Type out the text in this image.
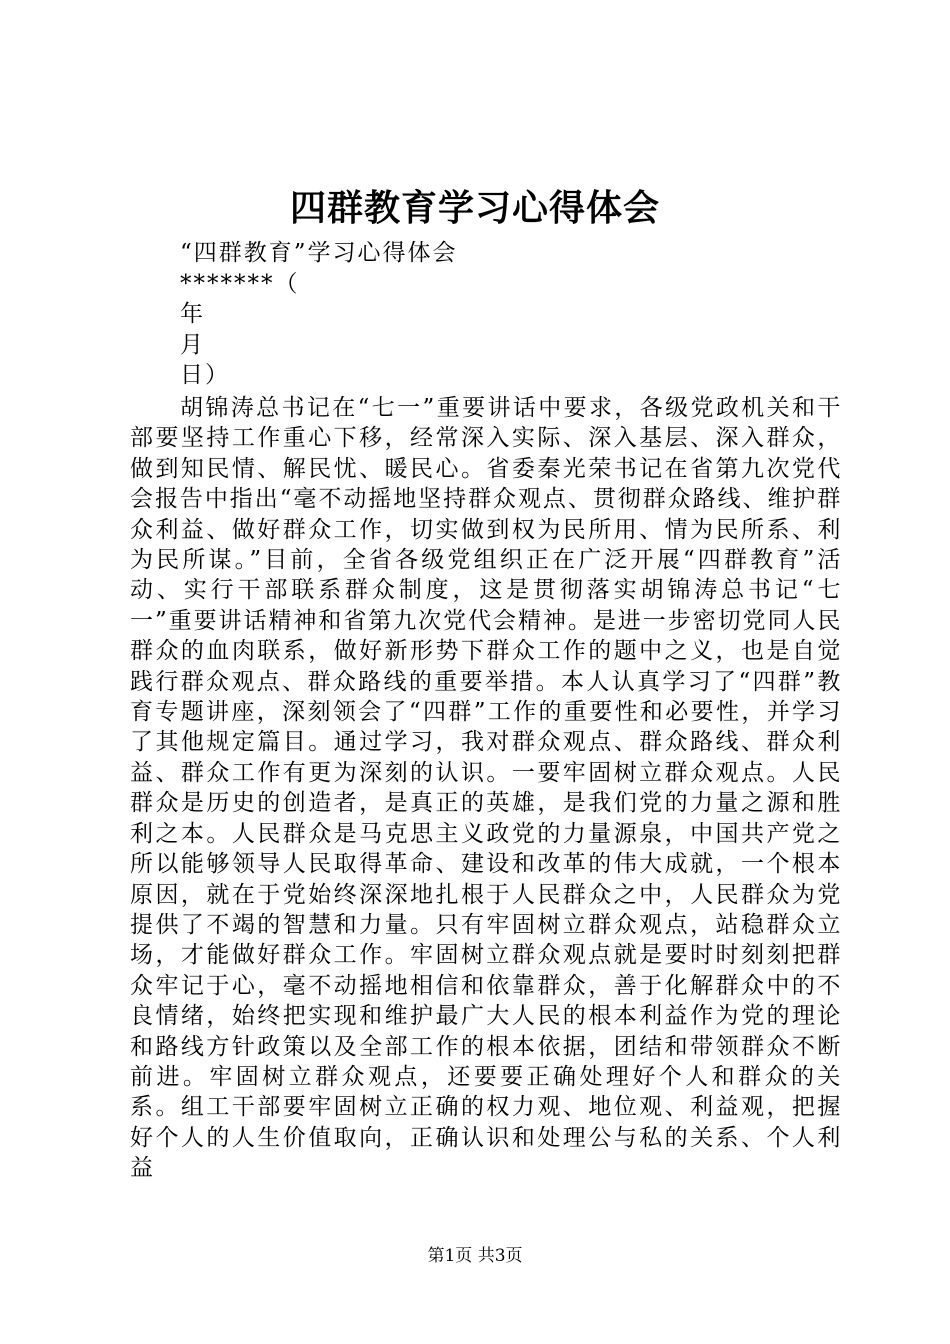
四群教育学习心得体会
“四群教育”学习心得体会
*******（
年
月
日）

胡锦涛总书记在“七一”重要讲话中要求，各级党政机关和干部要坚持工作重心下移，经常深入实际、深入基层、深入群众，做到知民情、解民忧、暖民心。省委秦光荣书记在省第九次党代会报告中指出“毫不动摇地坚持群众观点、贯彻群众路线、维护群众利益、做好群众工作，切实做到权为民所用、情为民所系、利为民所谋。”目前，全省各级党组织正在广泛开展“四群教育”活动、实行干部联系群众制度，这是贯彻落实胡锦涛总书记“七一”重要讲话精神和省第九次党代会精神。是进一步密切党同人民群众的血肉联系，做好新形势下群众工作的题中之义，也是自觉践行群众观点、群众路线的重要举措。本人认真学习了“四群”教育专题讲座，深刻领会了“四群”工作的重要性和必要性，并学习了其他规定篇目。通过学习，我对群众观点、群众路线、群众利益、群众工作有更为深刻的认识。一要牢固树立群众观点。人民群众是历史的创造者，是真正的英雄，是我们党的力量之源和胜利之本。人民群众是马克思主义政党的力量源泉，中国共产党之所以能够领导人民取得革命、建设和改革的伟大成就，一个根本原因，就在于党始终深深地扎根于人民群众之中，人民群众为党提供了不竭的智慧和力量。只有牢固树立群众观点，站稳群众立场，才能做好群众工作。牢固树立群众观点就是要时时刻刻把群众牢记于心，毫不动摇地相信和依靠群众，善于化解群众中的不良情绪，始终把实现和维护最广大人民的根本利益作为党的理论和路线方针政策以及全部工作的根本依据，团结和带领群众不断前进。牢固树立群众观点，还要要正确处理好个人和群众的关系。组工干部要牢固树立正确的权力观、地位观、利益观，把握好个人的人生价值取向，正确认识和处理公与私的关系、个人利益

第1页 共3页
